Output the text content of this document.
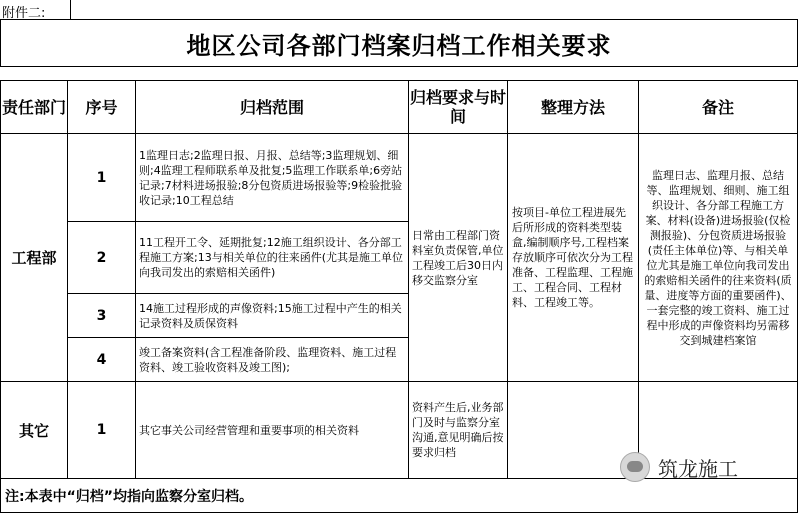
附件二:
地区公司各部门档案归档工作相关要求					

责任部门	序号	归档范围	归档要求与时间	整理方法	备注
工程部	1	1监理日志;2监理日报、月报、总结等;3监理规划、细则;4监理工程师联系单及批复;5监理工作联系单;6旁站记录;7材料进场报验;8分包资质进场报验等;9检验批验收记录;10工程总结	日常由工程部门资料室负责保管,单位工程竣工后30日内移交监察分室	按项目-单位工程进展先后所形成的资料类型装盒,编制顺序号,工程档案存放顺序可依次分为工程准备、工程监理、工程施工、工程合同、工程材料、工程竣工等。	监理日志、监理月报、总结等、监理规划、细则、施工组织设计、各分部工程施工方案、材料(设备)进场报验(仅检测报验)、分包资质进场报验(责任主体单位)等、与相关单位尤其是施工单位向我司发出的索赔相关函件的往来资料(质量、进度等方面的重要函件)、一套完整的竣工资料、施工过程中形成的声像资料均另需移交到城建档案馆
	2	11工程开工令、延期批复;12施工组织设计、各分部工程施工方案;13与相关单位的往来函件(尤其是施工单位向我司发出的索赔相关函件)			
	3	14施工过程形成的声像资料;15施工过程中产生的相关记录资料及质保资料			
	4	竣工备案资料(含工程准备阶段、监理资料、施工过程资料、竣工验收资料及竣工图);			
其它	1	其它事关公司经营管理和重要事项的相关资料	资料产生后,业务部门及时与监察分室沟通,意见明确后按要求归档		
注:本表中“归档”均指向监察分室归档。					
筑龙施工
